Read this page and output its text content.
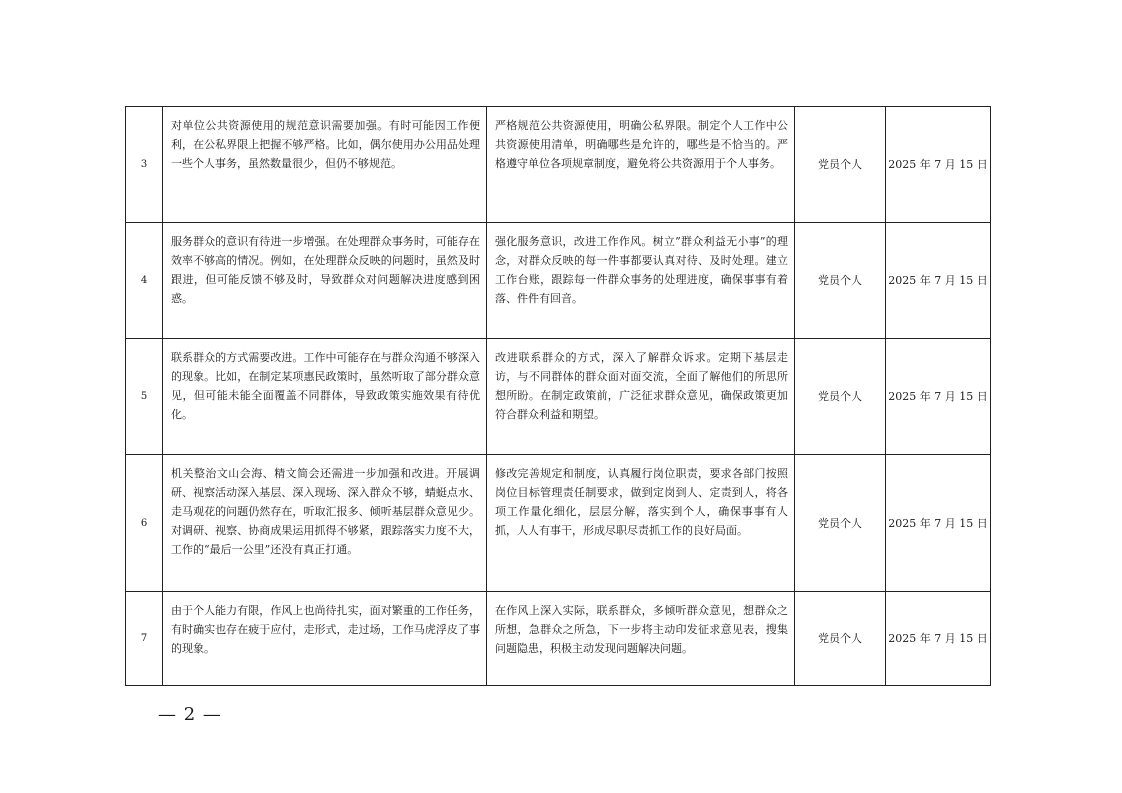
3	对单位公共资源使用的规范意识需要加强。有时可能因工作便利，在公私界限上把握不够严格。比如，偶尔使用办公用品处理一些个人事务，虽然数量很少，但仍不够规范。	严格规范公共资源使用，明确公私界限。制定个人工作中公共资源使用清单，明确哪些是允许的，哪些是不恰当的。严格遵守单位各项规章制度，避免将公共资源用于个人事务。	党员个人	2025 年 7 月 15 日
4	服务群众的意识有待进一步增强。在处理群众事务时，可能存在效率不够高的情况。例如，在处理群众反映的问题时，虽然及时跟进，但可能反馈不够及时，导致群众对问题解决进度感到困惑。	强化服务意识，改进工作作风。树立”群众利益无小事”的理念，对群众反映的每一件事都要认真对待、及时处理。建立工作台账，跟踪每一件群众事务的处理进度，确保事事有着落、件件有回音。	党员个人	2025 年 7 月 15 日
5	联系群众的方式需要改进。工作中可能存在与群众沟通不够深入的现象。比如，在制定某项惠民政策时，虽然听取了部分群众意见，但可能未能全面覆盖不同群体，导致政策实施效果有待优化。	改进联系群众的方式，深入了解群众诉求。定期下基层走访，与不同群体的群众面对面交流，全面了解他们的所思所想所盼。在制定政策前，广泛征求群众意见，确保政策更加符合群众利益和期望。	党员个人	2025 年 7 月 15 日
6	机关整治文山会海、精文简会还需进一步加强和改进。开展调研、视察活动深入基层、深入现场、深入群众不够，蜻蜓点水、走马观花的问题仍然存在，听取汇报多、倾听基层群众意见少。对调研、视察、协商成果运用抓得不够紧，跟踪落实力度不大，工作的“最后一公里”还没有真正打通。	修改完善规定和制度，认真履行岗位职责，要求各部门按照岗位目标管理责任制要求，做到定岗到人、定责到人，将各项工作量化细化，层层分解，落实到个人，确保事事有人抓，人人有事干，形成尽职尽责抓工作的良好局面。	党员个人	2025 年 7 月 15 日
7	由于个人能力有限，作风上也尚待扎实，面对繁重的工作任务，有时确实也存在疲于应付，走形式，走过场，工作马虎浮皮了事的现象。	在作风上深入实际，联系群众，多倾听群众意见，想群众之所想，急群众之所急，下一步将主动印发征求意见表，搜集问题隐患，积极主动发现问题解决问题。	党员个人	2025 年 7 月 15 日
— 2 —
